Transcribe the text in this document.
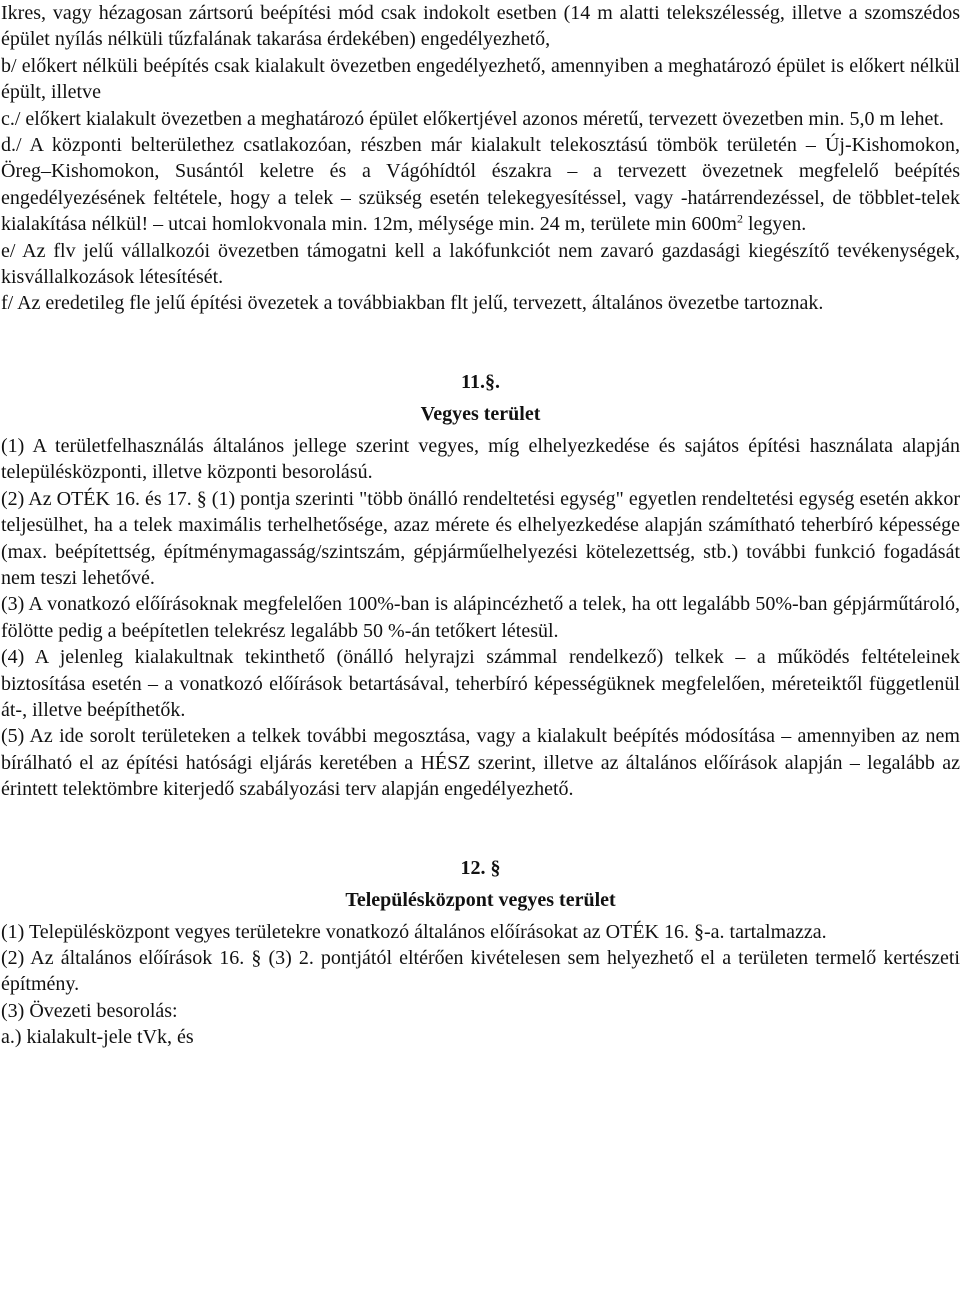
Ikres, vagy hézagosan zártsorú beépítési mód csak indokolt esetben (14 m alatti telekszélesség, illetve a szomszédos épület nyílás nélküli tűzfalának takarása érdekében) engedélyezhető,

b/ előkert nélküli beépítés csak kialakult övezetben engedélyezhető, amennyiben a meghatározó épület is előkert nélkül épült, illetve

c./ előkert kialakult övezetben a meghatározó épület előkertjével azonos méretű, tervezett övezetben min. 5,0 m lehet.

d./ A központi belterülethez csatlakozóan, részben már kialakult telekosztású tömbök területén – Új-Kishomokon, Öreg–Kishomokon, Susántól keletre és a Vágóhídtól északra – a tervezett övezetnek megfelelő beépítés engedélyezésének feltétele, hogy a telek – szükség esetén telekegyesítéssel, vagy -határrendezéssel, de többlet-telek kialakítása nélkül! – utcai homlokvonala min. 12m, mélysége min. 24 m, területe $\min 600m^2$ legyen.

e/ Az flv jelű vállalkozói övezetben támogatni kell a lakófunkciót nem zavaró gazdasági kiegészítő tevékenységek, kisvállalkozások létesítését.

f/ Az eredetileg fle jelű építési övezetek a továbbiakban flt jelű, tervezett, általános övezetbe tartoznak.

11.§.

Vegyes terület

(1) A területfelhasználás általános jellege szerint vegyes, míg elhelyezkedése és sajátos építési használata alapján településközponti, illetve központi besorolású.

(2) Az OTÉK 16. és 17. § (1) pontja szerinti "több önálló rendeltetési egység" egyetlen rendeltetési egység esetén akkor teljesülhet, ha a telek maximális terhelhetősége, azaz mérete és elhelyezkedése alapján számítható teherbíró képessége (max. beépítettség, építménymagasság/szintszám, gépjárműelhelyezési kötelezettség, stb.) további funkció fogadását nem teszi lehetővé.

(3) A vonatkozó előírásoknak megfelelően 100%-ban is alápincézhető a telek, ha ott legalább 50%-ban gépjárműtároló, fölötte pedig a beépítetlen telekrész legalább 50 %-án tetőkert létesül.

(4) A jelenleg kialakultnak tekinthető (önálló helyrajzi számmal rendelkező) telkek – a működés feltételeinek biztosítása esetén – a vonatkozó előírások betartásával, teherbíró képességüknek megfelelően, méreteiktől függetlenül át-, illetve beépíthetők.

(5) Az ide sorolt területeken a telkek további megosztása, vagy a kialakult beépítés módosítása – amennyiben az nem bírálható el az építési hatósági eljárás keretében a HÉSZ szerint, illetve az általános előírások alapján – legalább az érintett telektömbre kiterjedő szabályozási terv alapján engedélyezhető.

12. §

Településközpont vegyes terület

(1) Településközpont vegyes területekre vonatkozó általános előírásokat az OTÉK 16. §-a. tartalmazza.

(2) Az általános előírások 16. § (3) 2. pontjától eltérően kivételesen sem helyezhető el a területen termelő kertészeti építmény.

(3) Övezeti besorolás:

a.) kialakult-jele tVk, és
